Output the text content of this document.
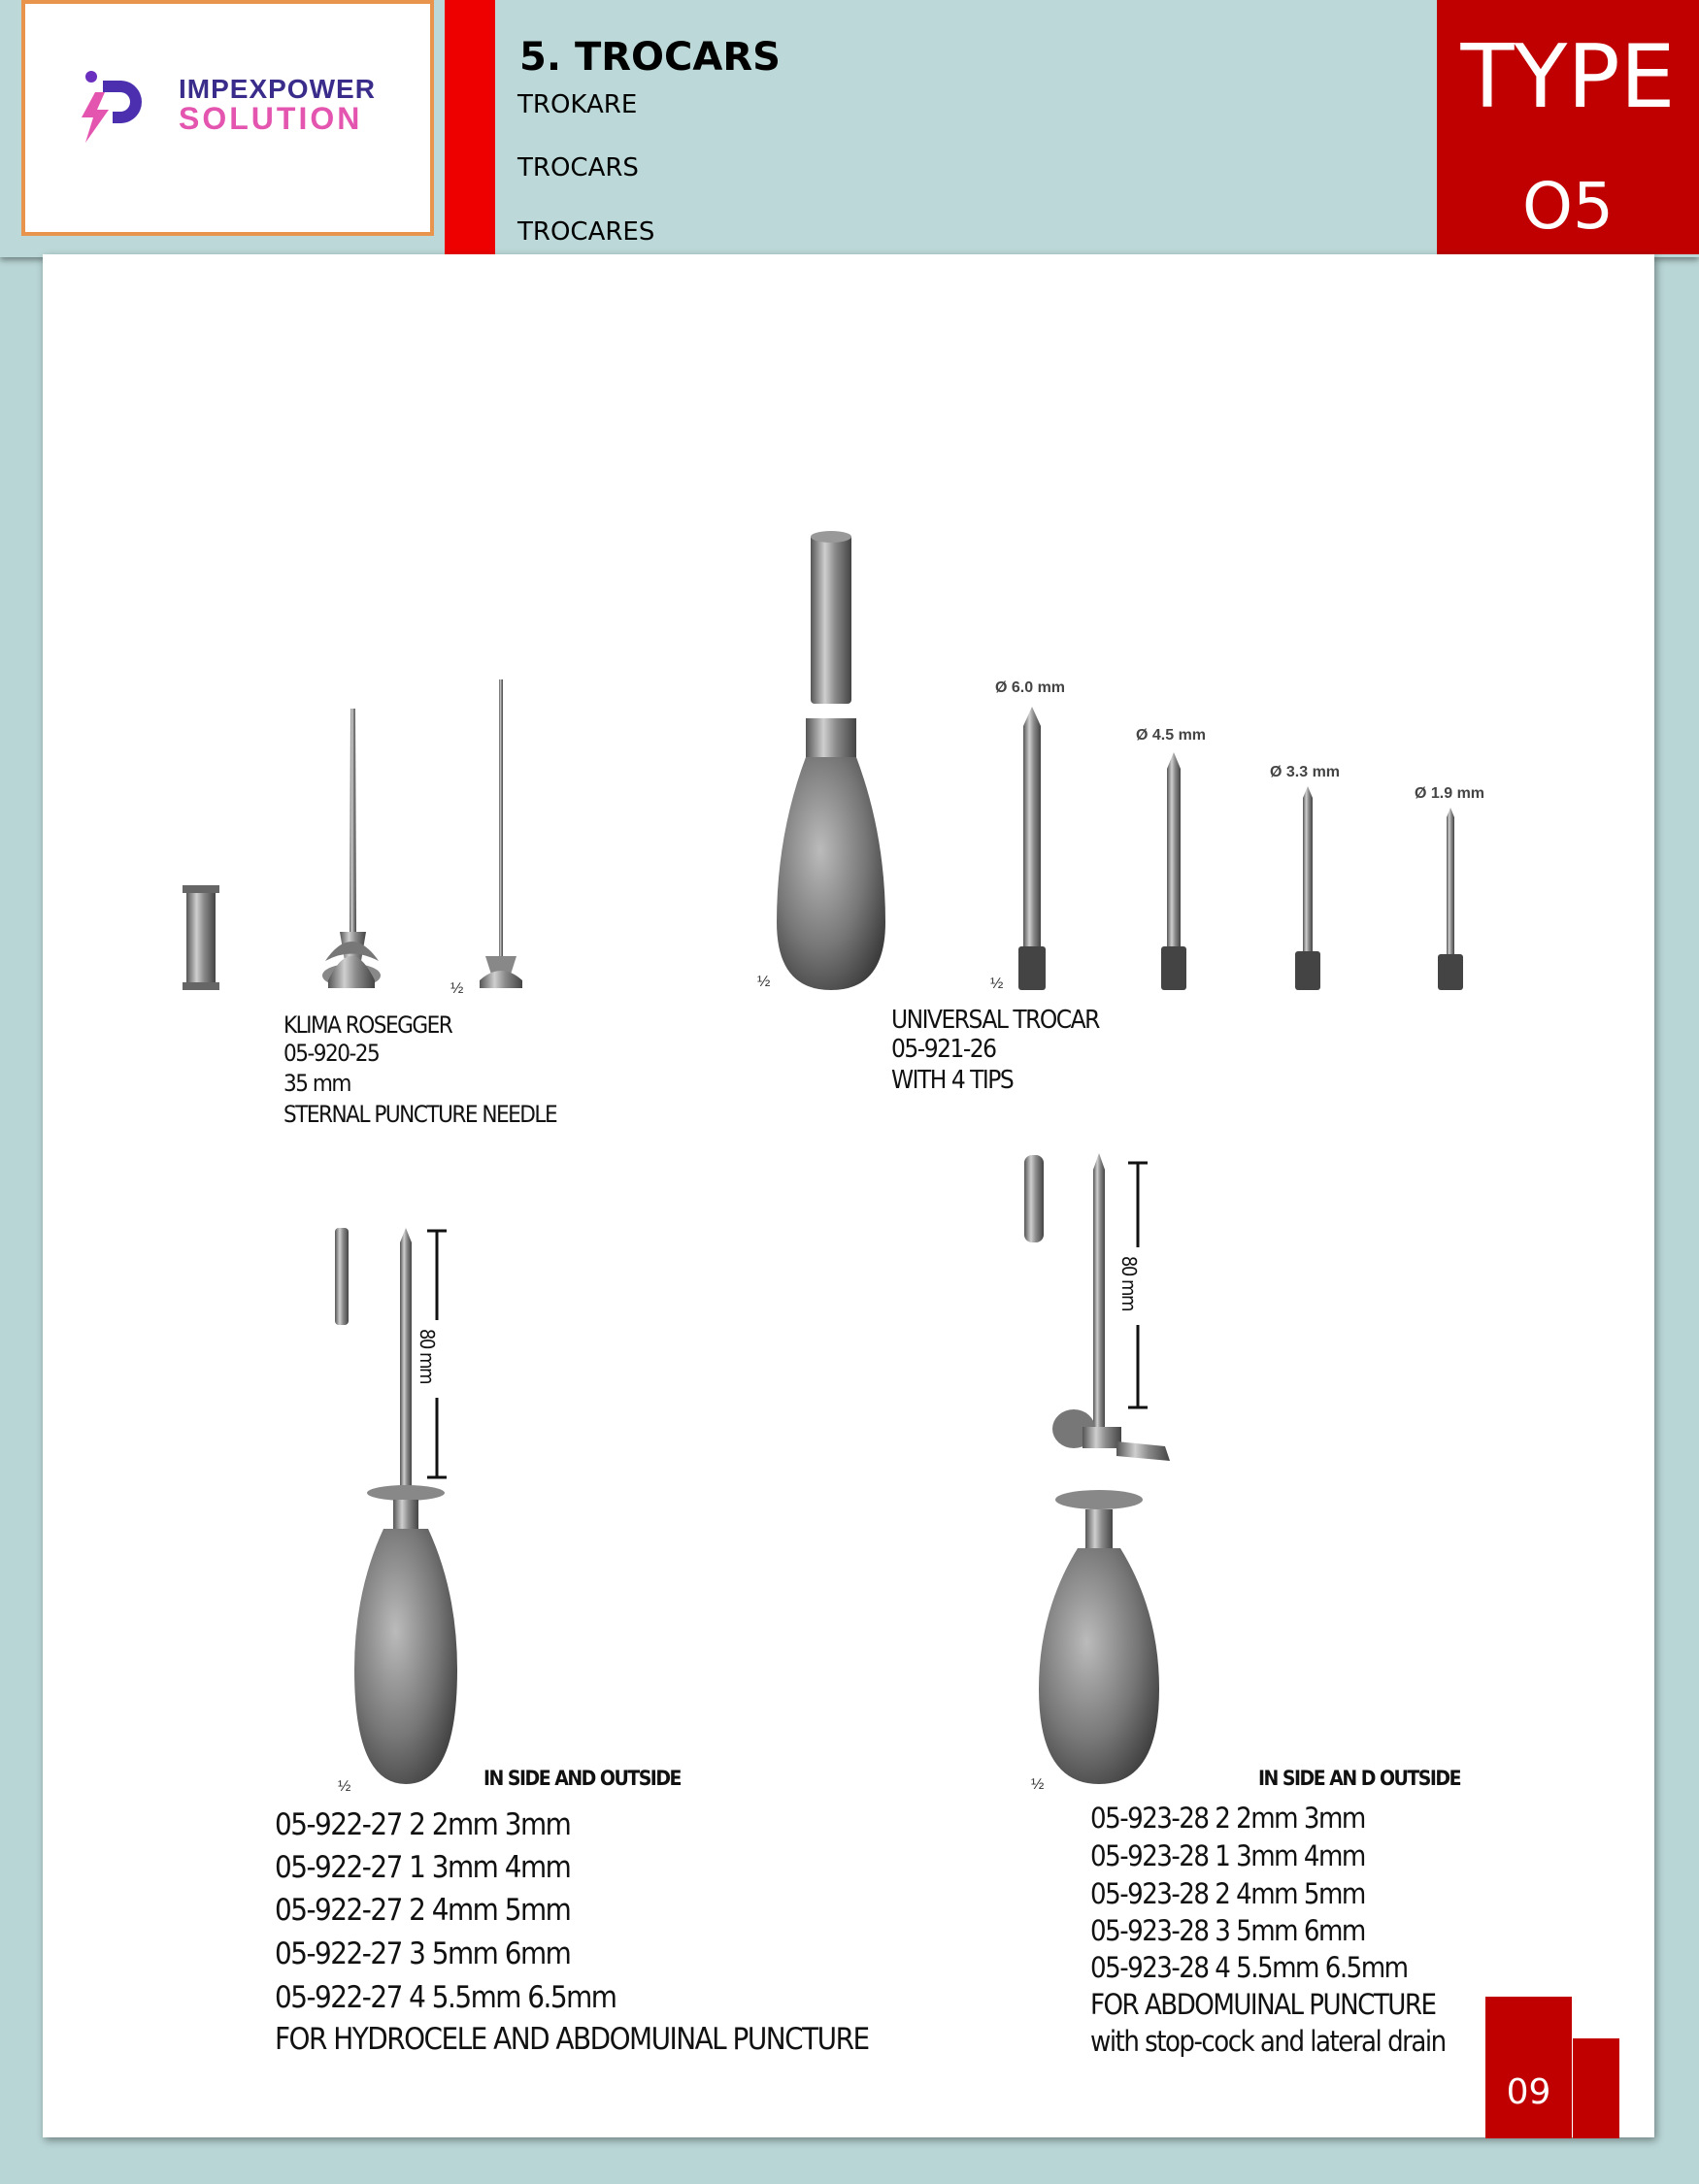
IMPEXPOWER
SOLUTION
5. TROCARS
TROKARE
TROCARS
TROCARES
TYPE
O5
80 mm
80 mm
Ø 6.0 mm
Ø 4.5 mm
Ø 3.3 mm
Ø 1.9 mm
½	½	½
½	½
KLIMA ROSEGGER
05-920-25
35 mm
STERNAL PUNCTURE NEEDLE
UNIVERSAL TROCAR
05-921-26
WITH 4 TIPS
IN SIDE AND OUTSIDE
05-922-27 2 2mm 3mm
05-922-27 1 3mm 4mm
05-922-27 2 4mm 5mm
05-922-27 3 5mm 6mm
05-922-27 4 5.5mm 6.5mm
FOR HYDROCELE AND ABDOMUINAL PUNCTURE
IN SIDE AN D OUTSIDE
05-923-28 2 2mm 3mm
05-923-28 1 3mm 4mm
05-923-28 2 4mm 5mm
05-923-28 3 5mm 6mm
05-923-28 4 5.5mm 6.5mm
FOR ABDOMUINAL PUNCTURE
with stop-cock and lateral drain
09
